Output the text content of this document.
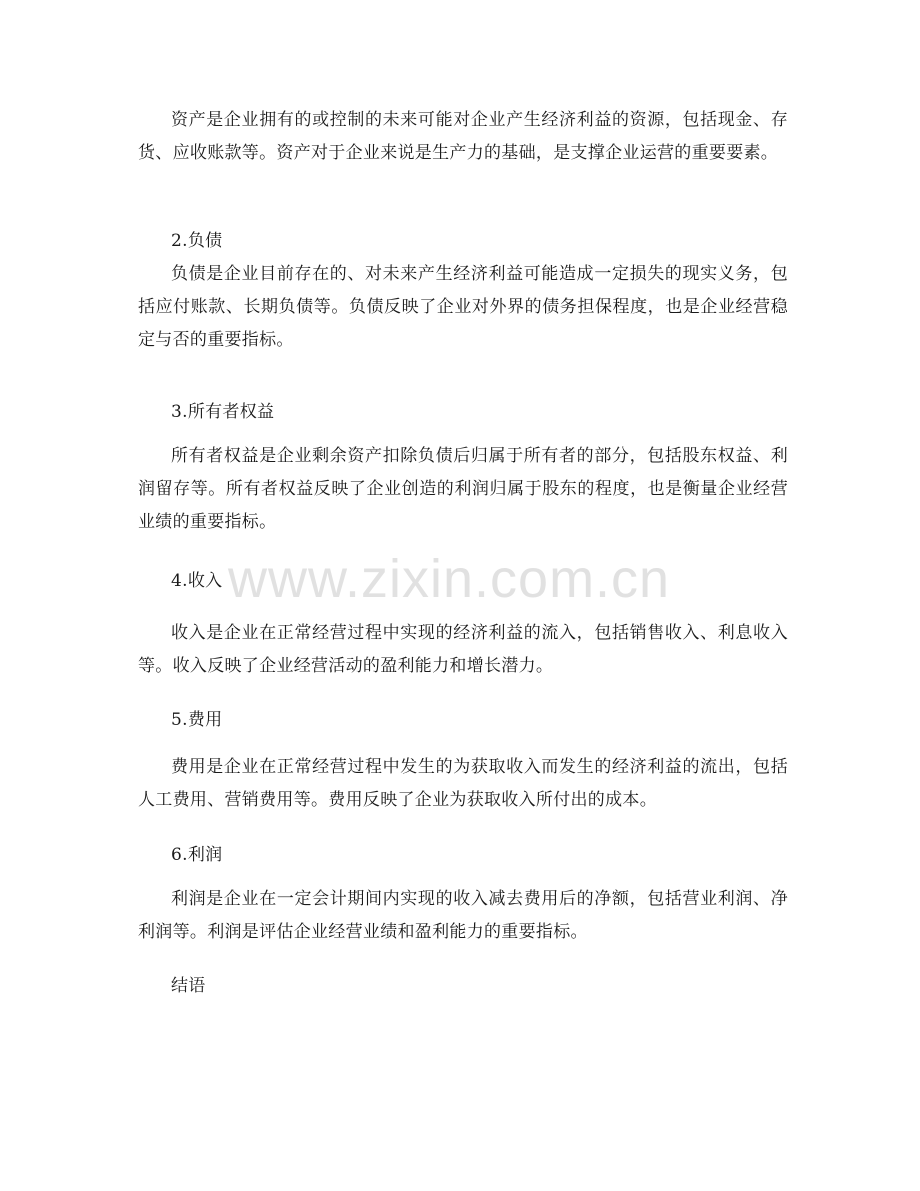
资产是企业拥有的或控制的未来可能对企业产生经济利益的资源，包括现金、存货、应收账款等。资产对于企业来说是生产力的基础，是支撑企业运营的重要要素。
2.负债
负债是企业目前存在的、对未来产生经济利益可能造成一定损失的现实义务，包括应付账款、长期负债等。负债反映了企业对外界的债务担保程度，也是企业经营稳定与否的重要指标。
3.所有者权益
所有者权益是企业剩余资产扣除负债后归属于所有者的部分，包括股东权益、利润留存等。所有者权益反映了企业创造的利润归属于股东的程度，也是衡量企业经营业绩的重要指标。
4.收入
收入是企业在正常经营过程中实现的经济利益的流入，包括销售收入、利息收入等。收入反映了企业经营活动的盈利能力和增长潜力。
5.费用
费用是企业在正常经营过程中发生的为获取收入而发生的经济利益的流出，包括人工费用、营销费用等。费用反映了企业为获取收入所付出的成本。
6.利润
利润是企业在一定会计期间内实现的收入减去费用后的净额，包括营业利润、净利润等。利润是评估企业经营业绩和盈利能力的重要指标。
结语
www.zixin.com.cn
